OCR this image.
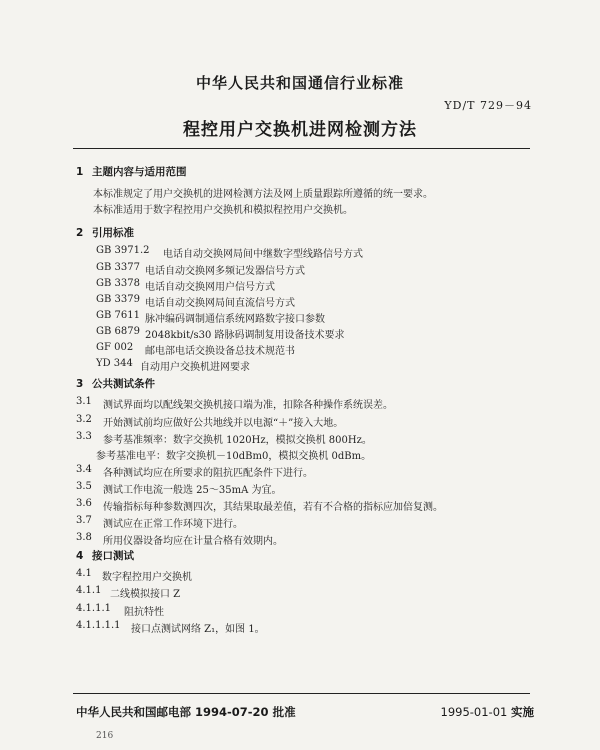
中华人民共和国通信行业标准
YD/T 729－94
程控用户交换机进网检测方法
1 主题内容与适用范围
本标准规定了用户交换机的进网检测方法及网上质量跟踪所遵循的统一要求。
本标准适用于数字程控用户交换机和模拟程控用户交换机。
2 引用标准
GB 3971.2 电话自动交换网局间中继数字型线路信号方式
GB 3377 电话自动交换网多频记发器信号方式
GB 3378 电话自动交换网用户信号方式
GB 3379 电话自动交换网局间直流信号方式
GB 7611 脉冲编码调制通信系统网路数字接口参数
GB 6879 2048kbit/s30 路脉码调制复用设备技术要求
GF 002 邮电部电话交换设备总技术规范书
YD 344 自动用户交换机进网要求
3 公共测试条件
3.1 测试界面均以配线架交换机接口端为准，扣除各种操作系统误差。
3.2 开始测试前均应做好公共地线并以电源“＋”接入大地。
3.3 参考基准频率：数字交换机 1020Hz，模拟交换机 800Hz。
参考基准电平：数字交换机－10dBm0，模拟交换机 0dBm。
3.4 各种测试均应在所要求的阻抗匹配条件下进行。
3.5 测试工作电流一般选 25～35mA 为宜。
3.6 传输指标每种参数测四次，其结果取最差值，若有不合格的指标应加倍复测。
3.7 测试应在正常工作环境下进行。
3.8 所用仪器设备均应在计量合格有效期内。
4 接口测试
4.1 数字程控用户交换机
4.1.1 二线模拟接口 Z
4.1.1.1 阻抗特性
4.1.1.1.1 接口点测试网络 Z₁，如图 1。
中华人民共和国邮电部 1994-07-20 批准	1995-01-01 实施
216
